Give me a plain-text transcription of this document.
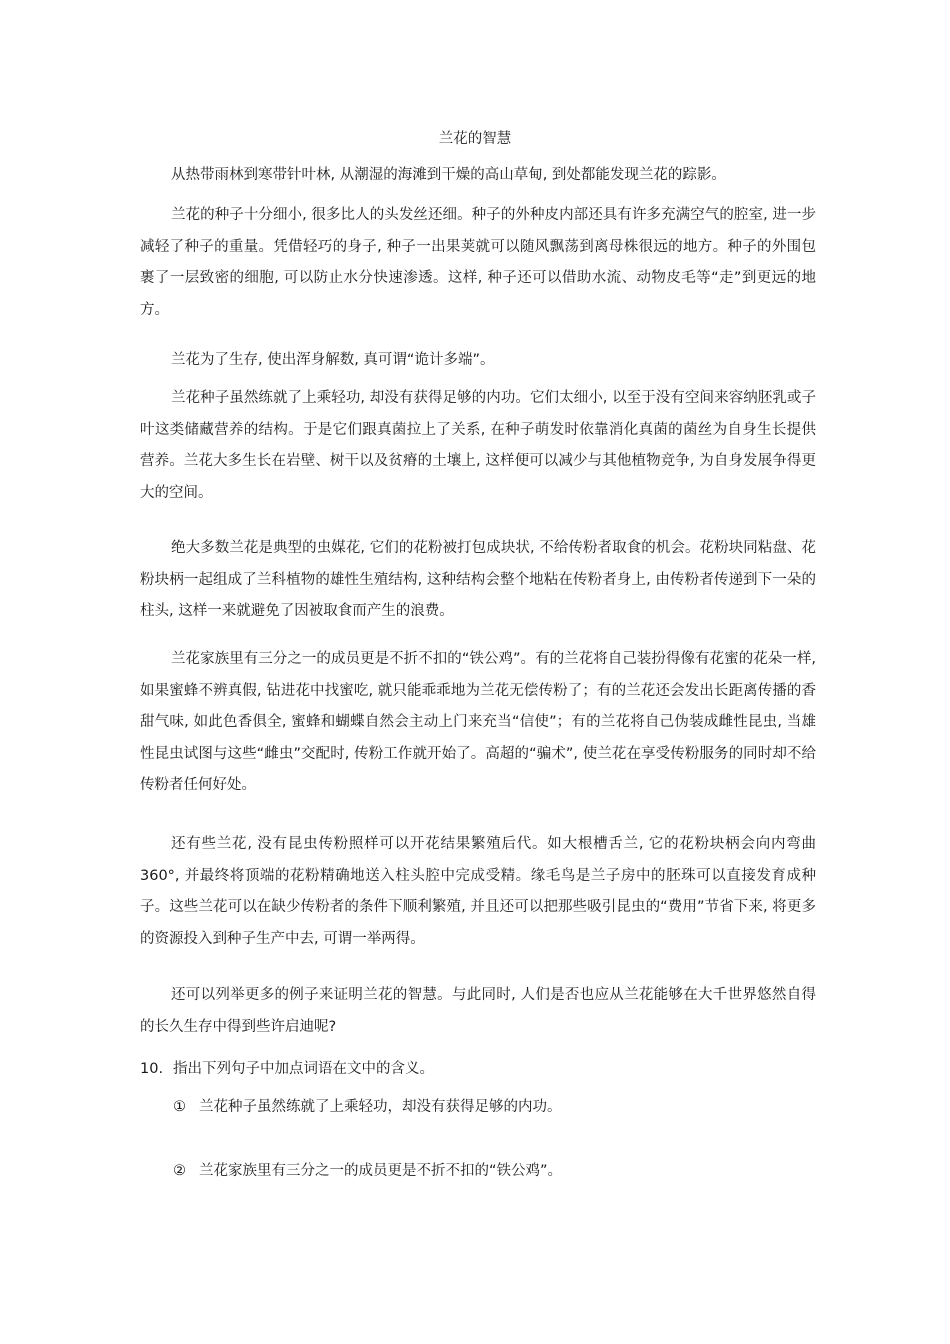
兰花的智慧

从热带雨林到寒带针叶林, 从潮湿的海滩到干燥的高山草甸, 到处都能发现兰花的踪影。

兰花的种子十分细小, 很多比人的头发丝还细。种子的外种皮内部还具有许多充满空气的腔室, 进一步减轻了种子的重量。凭借轻巧的身子, 种子一出果荚就可以随风飘荡到离母株很远的地方。种子的外围包裹了一层致密的细胞, 可以防止水分快速渗透。这样, 种子还可以借助水流、动物皮毛等“走”到更远的地方。

兰花为了生存, 使出浑身解数, 真可谓“诡计多端”。

兰花种子虽然练就了上乘轻功, 却没有获得足够的内功。它们太细小, 以至于没有空间来容纳胚乳或子叶这类储藏营养的结构。于是它们跟真菌拉上了关系, 在种子萌发时依靠消化真菌的菌丝为自身生长提供营养。兰花大多生长在岩壁、树干以及贫瘠的土壤上, 这样便可以减少与其他植物竞争, 为自身发展争得更大的空间。

绝大多数兰花是典型的虫媒花, 它们的花粉被打包成块状, 不给传粉者取食的机会。花粉块同粘盘、花粉块柄一起组成了兰科植物的雄性生殖结构, 这种结构会整个地粘在传粉者身上, 由传粉者传递到下一朵的柱头, 这样一来就避免了因被取食而产生的浪费。

兰花家族里有三分之一的成员更是不折不扣的“铁公鸡”。有的兰花将自己装扮得像有花蜜的花朵一样, 如果蜜蜂不辨真假, 钻进花中找蜜吃, 就只能乖乖地为兰花无偿传粉了；有的兰花还会发出长距离传播的香甜气味, 如此色香俱全, 蜜蜂和蝴蝶自然会主动上门来充当“信使”；有的兰花将自己伪装成雌性昆虫, 当雄性昆虫试图与这些“雌虫”交配时, 传粉工作就开始了。高超的“骗术”, 使兰花在享受传粉服务的同时却不给传粉者任何好处。

还有些兰花, 没有昆虫传粉照样可以开花结果繁殖后代。如大根槽舌兰, 它的花粉块柄会向内弯曲 360°, 并最终将顶端的花粉精确地送入柱头腔中完成受精。缘毛鸟是兰子房中的胚珠可以直接发育成种子。这些兰花可以在缺少传粉者的条件下顺利繁殖, 并且还可以把那些吸引昆虫的“费用”节省下来, 将更多的资源投入到种子生产中去, 可谓一举两得。

还可以列举更多的例子来证明兰花的智慧。与此同时, 人们是否也应从兰花能够在大千世界悠然自得的长久生存中得到些许启迪呢?

10. 指出下列句子中加点词语在文中的含义。
① 兰花种子虽然练就了上乘轻功，却没有获得足够的内功。
② 兰花家族里有三分之一的成员更是不折不扣的“铁公鸡”。
